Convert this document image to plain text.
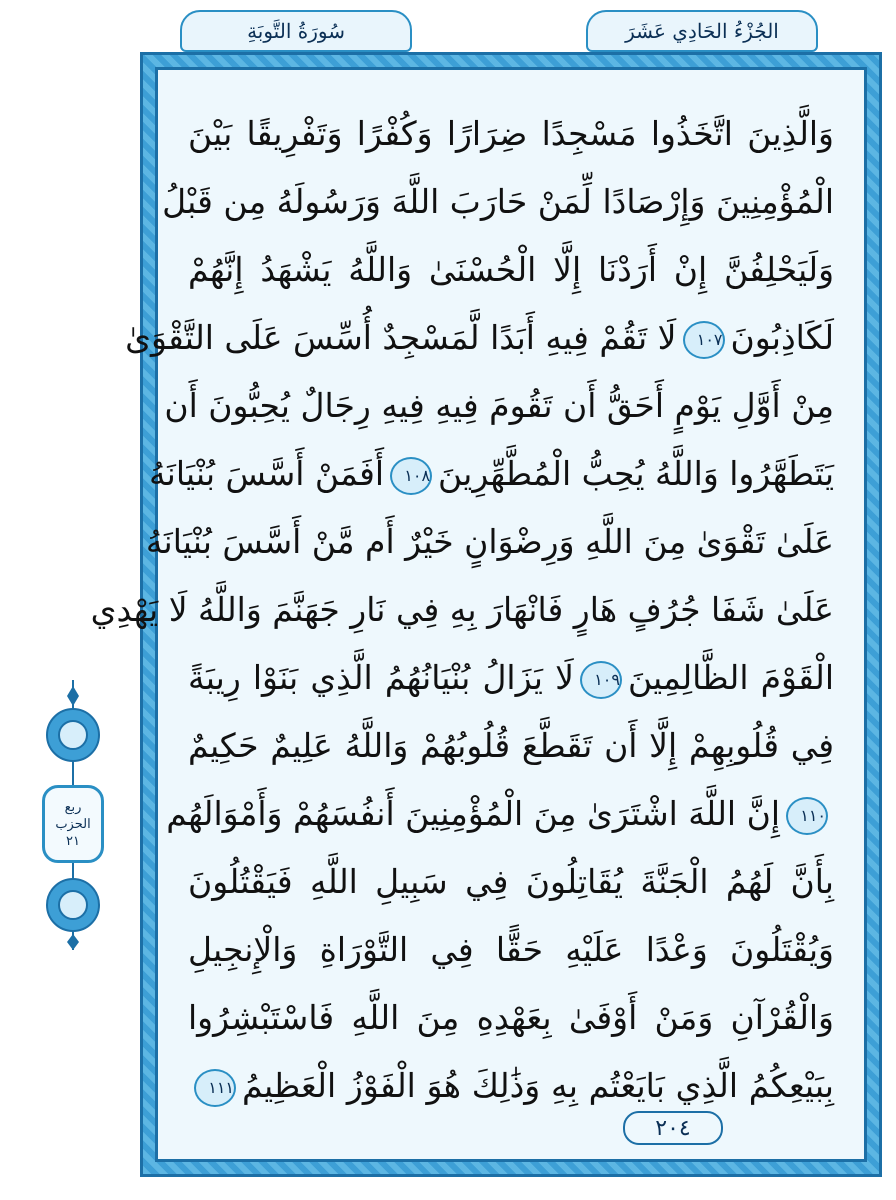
سُورَةُ التَّوبَةِ	الجُزْءُ الحَادِي عَشَرَ
ربع
الحزب
٢١
وَالَّذِينَ اتَّخَذُوا مَسْجِدًا ضِرَارًا وَكُفْرًا وَتَفْرِيقًا بَيْنَ
الْمُؤْمِنِينَ وَإِرْصَادًا لِّمَنْ حَارَبَ اللَّهَ وَرَسُولَهُ مِن قَبْلُ
وَلَيَحْلِفُنَّ إِنْ أَرَدْنَا إِلَّا الْحُسْنَىٰ وَاللَّهُ يَشْهَدُ إِنَّهُمْ
لَكَاذِبُونَ١٠٧لَا تَقُمْ فِيهِ أَبَدًا لَّمَسْجِدٌ أُسِّسَ عَلَى التَّقْوَىٰ
مِنْ أَوَّلِ يَوْمٍ أَحَقُّ أَن تَقُومَ فِيهِ فِيهِ رِجَالٌ يُحِبُّونَ أَن
يَتَطَهَّرُوا وَاللَّهُ يُحِبُّ الْمُطَّهِّرِينَ١٠٨أَفَمَنْ أَسَّسَ بُنْيَانَهُ
عَلَىٰ تَقْوَىٰ مِنَ اللَّهِ وَرِضْوَانٍ خَيْرٌ أَم مَّنْ أَسَّسَ بُنْيَانَهُ
عَلَىٰ شَفَا جُرُفٍ هَارٍ فَانْهَارَ بِهِ فِي نَارِ جَهَنَّمَ وَاللَّهُ لَا يَهْدِي
الْقَوْمَ الظَّالِمِينَ١٠٩لَا يَزَالُ بُنْيَانُهُمُ الَّذِي بَنَوْا رِيبَةً
فِي قُلُوبِهِمْ إِلَّا أَن تَقَطَّعَ قُلُوبُهُمْ وَاللَّهُ عَلِيمٌ حَكِيمٌ
١١٠إِنَّ اللَّهَ اشْتَرَىٰ مِنَ الْمُؤْمِنِينَ أَنفُسَهُمْ وَأَمْوَالَهُم
بِأَنَّ لَهُمُ الْجَنَّةَ يُقَاتِلُونَ فِي سَبِيلِ اللَّهِ فَيَقْتُلُونَ
وَيُقْتَلُونَ وَعْدًا عَلَيْهِ حَقًّا فِي التَّوْرَاةِ وَالْإِنجِيلِ
وَالْقُرْآنِ وَمَنْ أَوْفَىٰ بِعَهْدِهِ مِنَ اللَّهِ فَاسْتَبْشِرُوا
بِبَيْعِكُمُ الَّذِي بَايَعْتُم بِهِ وَذَٰلِكَ هُوَ الْفَوْزُ الْعَظِيمُ١١١
٢٠٤
